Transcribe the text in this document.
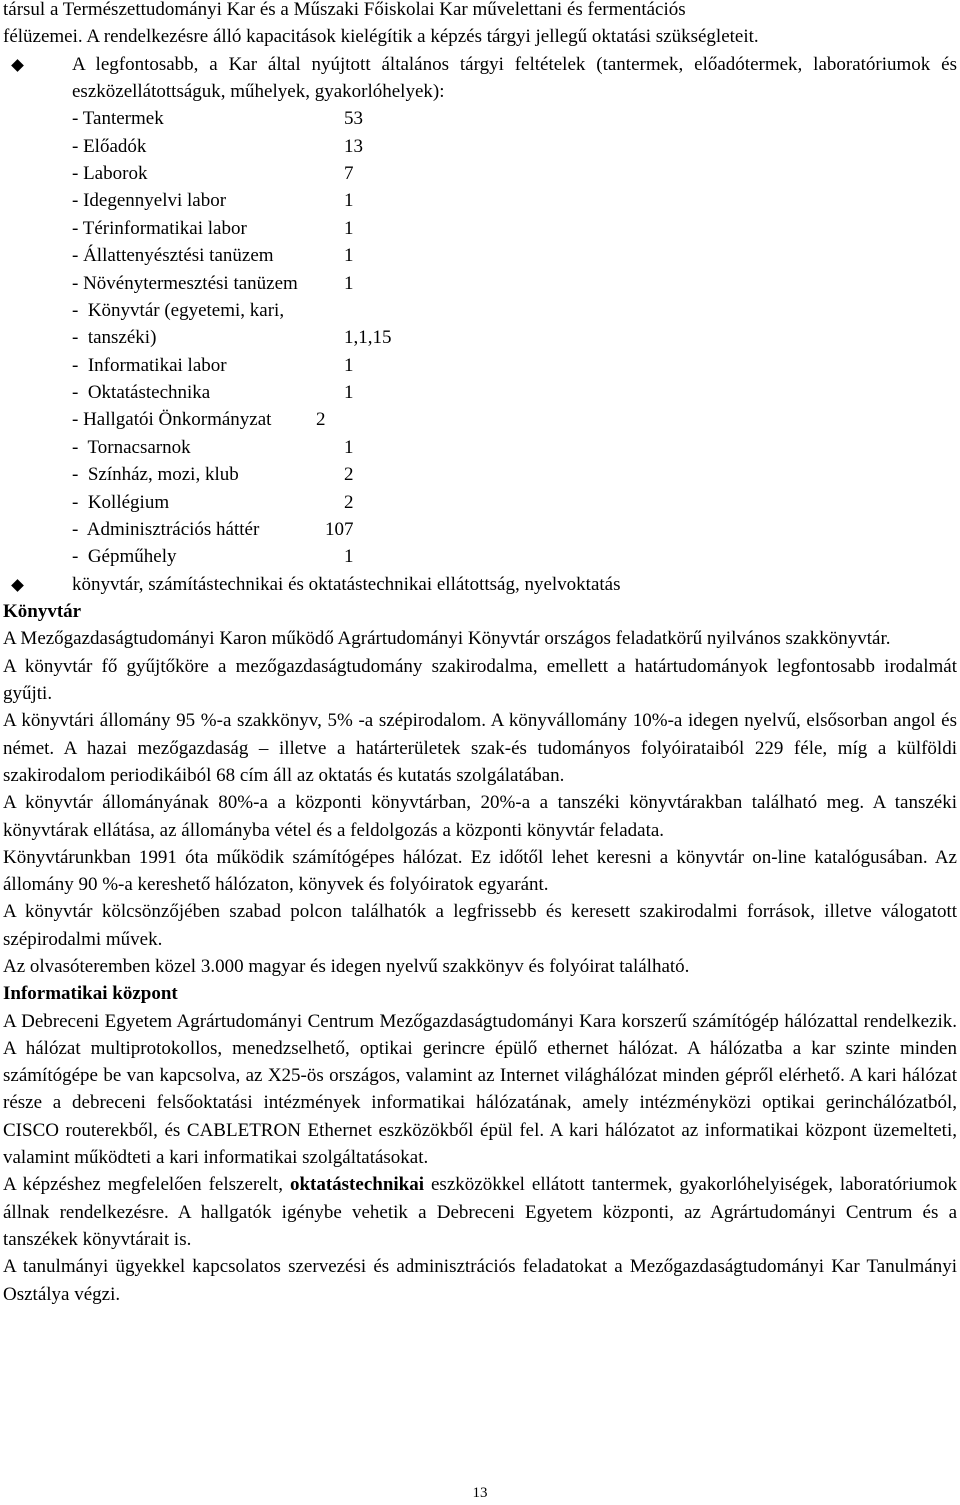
társul a Természettudományi Kar és a Műszaki Főiskolai Kar művelettani és fermentációs

félüzemei. A rendelkezésre álló kapacitások kielégítik a képzés tárgyi jellegű oktatási szükségleteit.

A legfontosabb, a Kar által nyújtott általános tárgyi feltételek (tantermek, előadótermek, laboratóriumok és eszközellátottságuk, műhelyek, gyakorlóhelyek):
- Tantermek	53
- Előadók	13
- Laborok	7
- Idegennyelvi labor	1
- Térinformatikai labor	1
- Állattenyésztési tanüzem	1
- Növénytermesztési tanüzem 1
-  Könyvtár (egyetemi, kari,
-  tanszéki)	1,1,15
-  Informatikai labor	1
-  Oktatástechnika	1
- Hallgatói Önkormányzat 2
-  Tornacsarnok	1
-  Színház, mozi, klub	2
-  Kollégium	2
-  Adminisztrációs háttér	107
-  Gépműhely	1
könyvtár, számítástechnikai és oktatástechnikai ellátottság, nyelvoktatás

Könyvtár

A Mezőgazdaságtudományi Karon működő Agrártudományi Könyvtár országos feladatkörű nyilvános szakkönyvtár.

A könyvtár fő gyűjtőköre a mezőgazdaságtudomány szakirodalma, emellett a határtudományok legfontosabb irodalmát gyűjti.

A könyvtári állomány 95 %-a szakkönyv, 5% -a szépirodalom. A könyvállomány 10%-a idegen nyelvű, elsősorban angol és német. A hazai mezőgazdaság – illetve a határterületek szak-és tudományos folyóirataiból 229 féle, míg a külföldi szakirodalom periodikáiból 68 cím áll az oktatás és kutatás szolgálatában.

A könyvtár állományának 80%-a a központi könyvtárban, 20%-a a tanszéki könyvtárakban található meg. A tanszéki könyvtárak ellátása, az állományba vétel és a feldolgozás a központi könyvtár feladata.

Könyvtárunkban 1991 óta működik számítógépes hálózat. Ez időtől lehet keresni a könyvtár on-line katalógusában. Az állomány 90 %-a kereshető hálózaton, könyvek és folyóiratok egyaránt.

A könyvtár kölcsönzőjében szabad polcon találhatók a legfrissebb és keresett szakirodalmi források, illetve válogatott szépirodalmi művek.

Az olvasóteremben közel 3.000 magyar és idegen nyelvű szakkönyv és folyóirat található.

Informatikai központ

A Debreceni Egyetem Agrártudományi Centrum Mezőgazdaságtudományi Kara korszerű számítógép hálózattal rendelkezik. A hálózat multiprotokollos, menedzselhető, optikai gerincre épülő ethernet hálózat. A hálózatba a kar szinte minden számítógépe be van kapcsolva, az X25-ös országos, valamint az Internet világhálózat minden gépről elérhető. A kari hálózat része a debreceni felsőoktatási intézmények informatikai hálózatának, amely intézményközi optikai gerinchálózatból, CISCO routerekből, és CABLETRON Ethernet eszközökből épül fel. A kari hálózatot az informatikai központ üzemelteti, valamint működteti a kari informatikai szolgáltatásokat.

A képzéshez megfelelően felszerelt, oktatástechnikai eszközökkel ellátott tantermek, gyakorlóhelyiségek, laboratóriumok állnak rendelkezésre. A hallgatók igénybe vehetik a Debreceni Egyetem központi, az Agrártudományi Centrum és a tanszékek könyvtárait is.

A tanulmányi ügyekkel kapcsolatos szervezési és adminisztrációs feladatokat a Mezőgazdaságtudományi Kar Tanulmányi Osztálya végzi.

13
